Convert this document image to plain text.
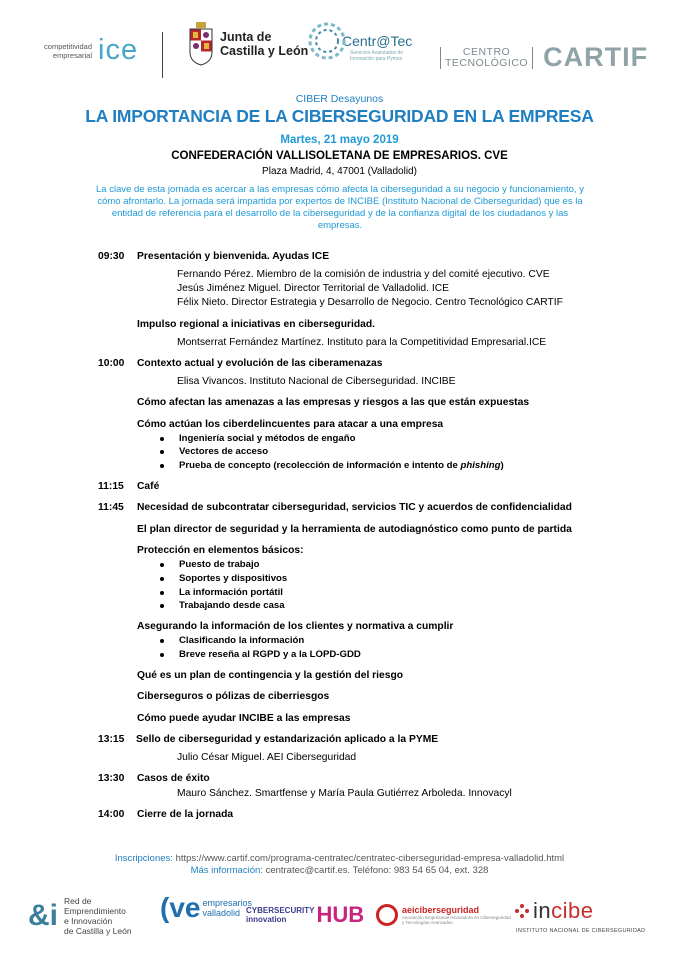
competitividad empresarial ice	Junta de
Castilla y León
Centr@Tec
Servicios Avanzados de Innovación para Pymes
CENTRO
TECNOLÓGICO CARTIF
CIBER Desayunos
LA IMPORTANCIA DE LA CIBERSEGURIDAD EN LA EMPRESA
Martes, 21 mayo 2019
CONFEDERACIÓN VALLISOLETANA DE EMPRESARIOS. CVE
Plaza Madrid, 4, 47001 (Valladolid)
La clave de esta jornada es acercar a las empresas cómo afecta la ciberseguridad a su negocio y funcionamiento, y cómo afrontarlo. La jornada será impartida por expertos de INCIBE (Instituto Nacional de Ciberseguridad) que es la entidad de referencia para el desarrollo de la ciberseguridad y de la confianza digital de los ciudadanos y las empresas.
09:30 Presentación y bienvenida. Ayudas ICE
Fernando Pérez. Miembro de la comisión de industria y del comité ejecutivo. CVE
Jesús Jiménez Miguel. Director Territorial de Valladolid. ICE
Félix Nieto. Director Estrategia y Desarrollo de Negocio. Centro Tecnológico CARTIF
Impulso regional a iniciativas en ciberseguridad.
Montserrat Fernández Martínez. Instituto para la Competitividad Empresarial.ICE
10:00 Contexto actual y evolución de las ciberamenazas
Elisa Vivancos. Instituto Nacional de Ciberseguridad. INCIBE
Cómo afectan las amenazas a las empresas y riesgos a las que están expuestas
Cómo actúan los ciberdelincuentes para atacar a una empresa
Ingeniería social y métodos de engaño
Vectores de acceso
Prueba de concepto (recolección de información e intento de phishing)
11:15 Café
11:45 Necesidad de subcontratar ciberseguridad, servicios TIC y acuerdos de confidencialidad
El plan director de seguridad y la herramienta de autodiagnóstico como punto de partida
Protección en elementos básicos:
Puesto de trabajo
Soportes y dispositivos
La información portátil
Trabajando desde casa
Asegurando la información de los clientes y normativa a cumplir
Clasificando la información
Breve reseña al RGPD y a la LOPD-GDD
Qué es un plan de contingencia y la gestión del riesgo
Ciberseguros o pólizas de ciberriesgos
Cómo puede ayudar INCIBE a las empresas
13:15 Sello de ciberseguridad y estandarización aplicado a la PYME
Julio César Miguel. AEI Ciberseguridad
13:30 Casos de éxito
Mauro Sánchez. Smartfense y María Paula Gutiérrez Arboleda. Innovacyl
14:00 Cierre de la jornada
Inscripciones: https://www.cartif.com/programa-centratec/centratec-ciberseguridad-empresa-valladolid.html
Más información: centratec@cartif.es. Teléfono: 983 54 65 04, ext. 328
&i Red de
Emprendimiento
e Innovación
de Castilla y León
(ve empresarios
valladolid CYBERSECURITY
innovation	HUB	aeiciberseguridad
Asociación Empresarial Innovadora en Ciberseguridad y Tecnologías Avanzadas	incibe
INSTITUTO NACIONAL DE CIBERSEGURIDAD
